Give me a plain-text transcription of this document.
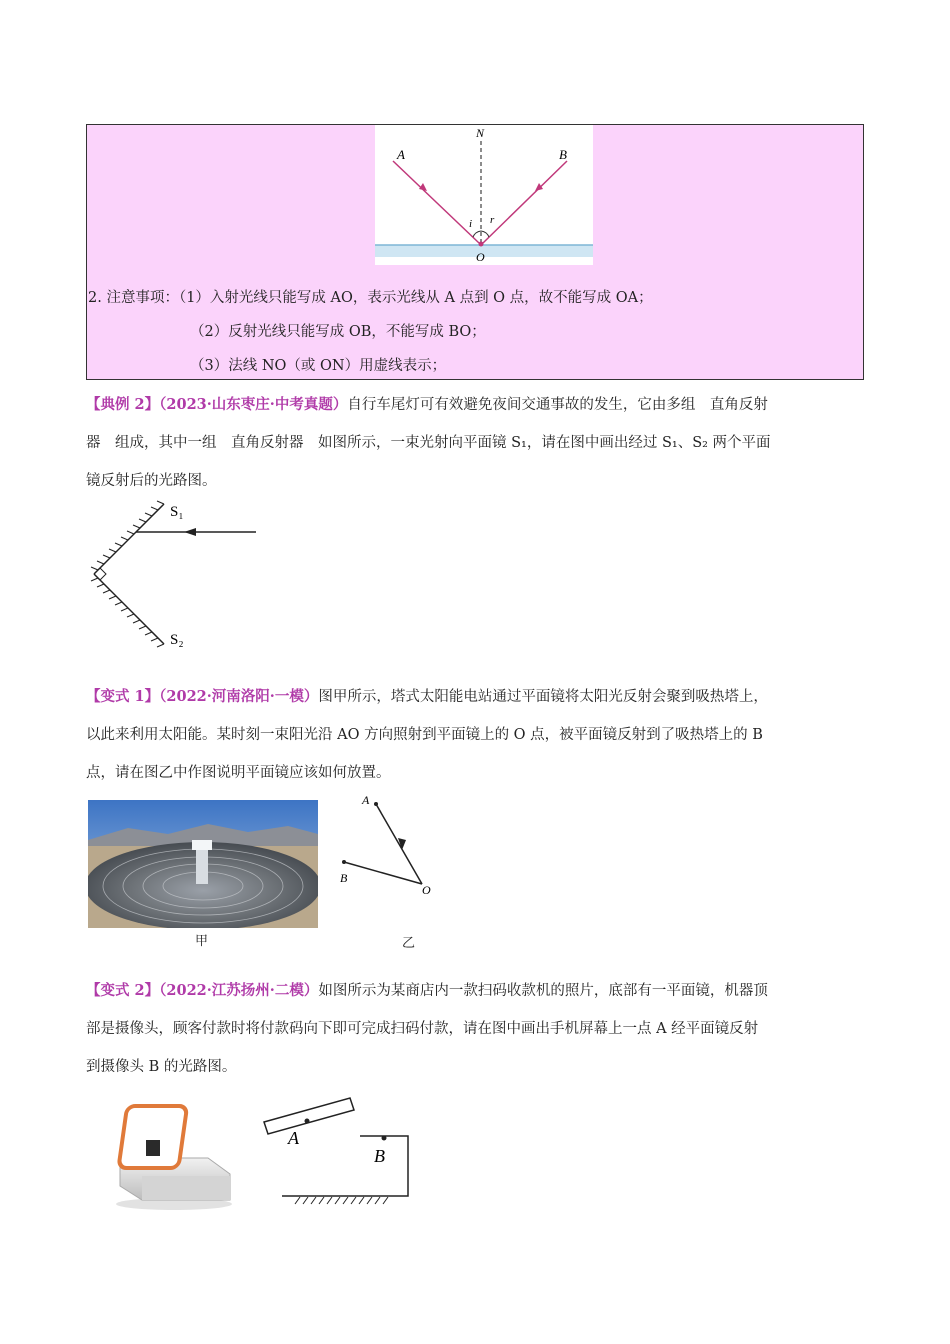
A	B
N
O
i r
2. 注意事项：（1）入射光线只能写成 AO，表示光线从 A 点到 O 点，故不能写成 OA；
（2）反射光线只能写成 OB，不能写成 BO；
（3）法线 NO（或 ON）用虚线表示；

【典例 2】（2023·山东枣庄·中考真题）自行车尾灯可有效避免夜间交通事故的发生，它由多组　直角反射

器　组成，其中一组　直角反射器　如图所示，一束光射向平面镜 S₁，请在图中画出经过 S₁、S₂ 两个平面

镜反射后的光路图。

S₁
S₂

【变式 1】（2022·河南洛阳·一模）图甲所示，塔式太阳能电站通过平面镜将太阳光反射会聚到吸热塔上，

以此来利用太阳能。某时刻一束阳光沿 AO 方向照射到平面镜上的 O 点，被平面镜反射到了吸热塔上的 B

点，请在图乙中作图说明平面镜应该如何放置。

甲
A
B
O
乙

【变式 2】（2022·江苏扬州·二模）如图所示为某商店内一款扫码收款机的照片，底部有一平面镜，机器顶

部是摄像头，顾客付款时将付款码向下即可完成扫码付款，请在图中画出手机屏幕上一点 A 经平面镜反射

到摄像头 B 的光路图。

A
B
